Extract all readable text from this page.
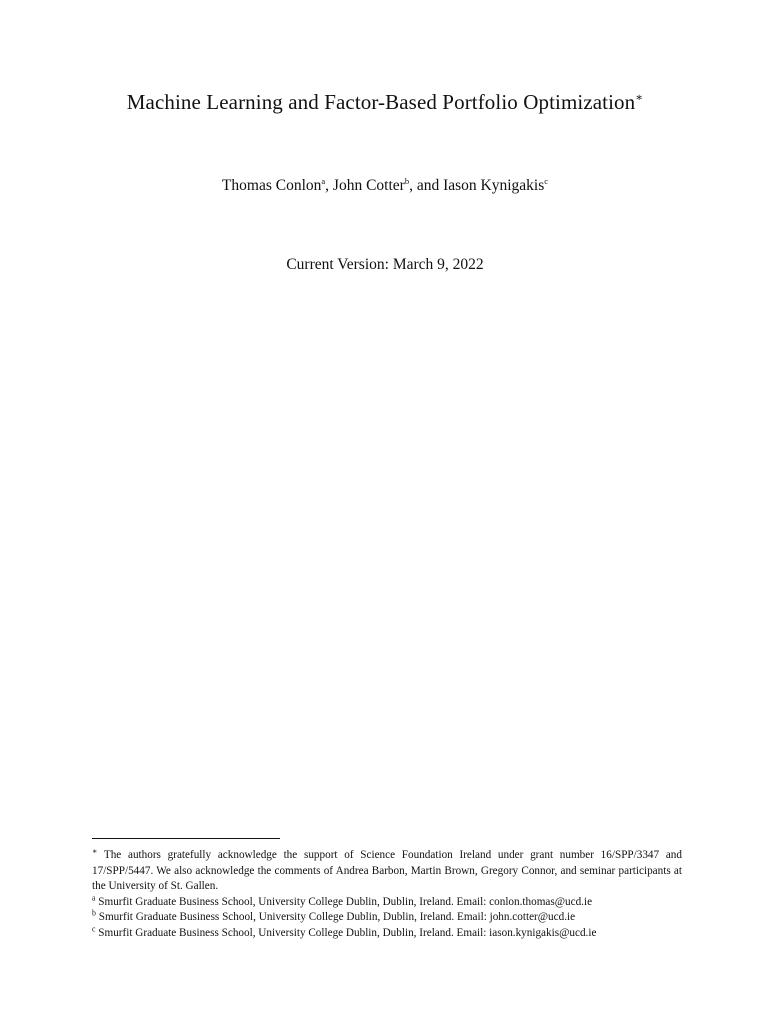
Machine Learning and Factor-Based Portfolio Optimization∗
Thomas Conlon$^a$, John Cotter$^b$, and Iason Kynigakis$^c$
Current Version: March 9, 2022

∗ The authors gratefully acknowledge the support of Science Foundation Ireland under grant number 16/SPP/3347 and 17/SPP/5447. We also acknowledge the comments of Andrea Barbon, Martin Brown, Gregory Connor, and seminar participants at the University of St. Gallen.

$^a$ Smurfit Graduate Business School, University College Dublin, Dublin, Ireland. Email: conlon.thomas@ucd.ie

$^b$ Smurfit Graduate Business School, University College Dublin, Dublin, Ireland. Email: john.cotter@ucd.ie

$^c$ Smurfit Graduate Business School, University College Dublin, Dublin, Ireland. Email: iason.kynigakis@ucd.ie
